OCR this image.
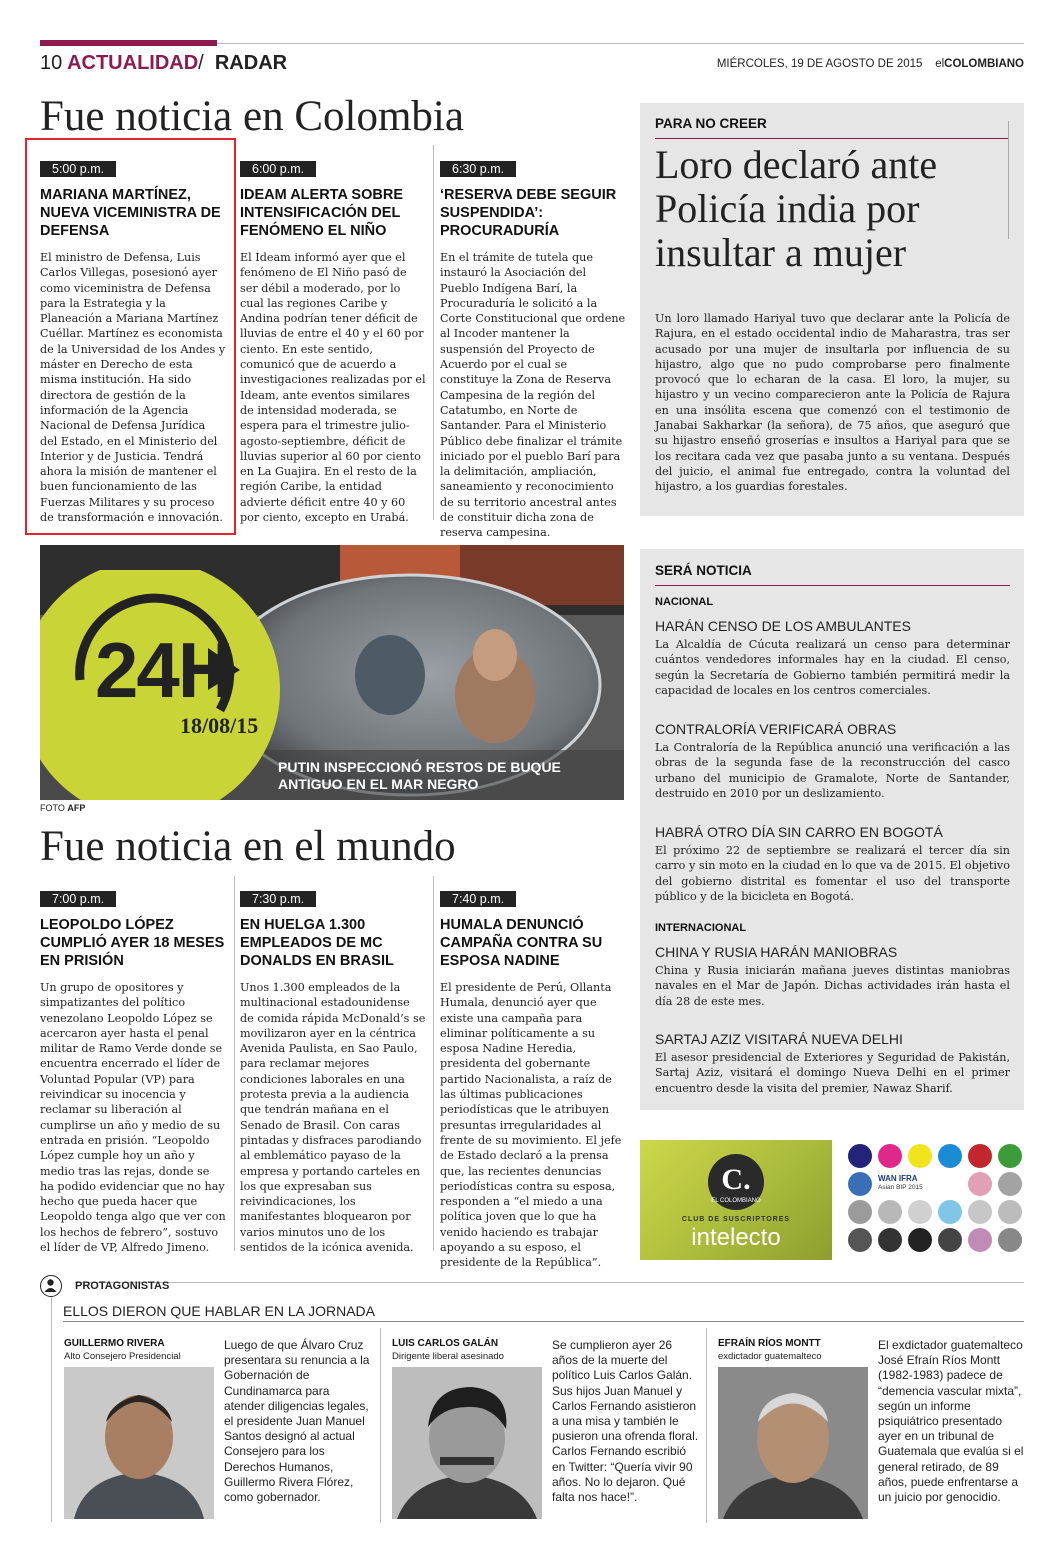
10 ACTUALIDAD/ RADAR	MIÉRCOLES, 19 DE AGOSTO DE 2015 elCOLOMBIANO
Fue noticia en Colombia
5:00 p.m.
MARIANA MARTÍNEZ, NUEVA VICEMINISTRA DE DEFENSA
El ministro de Defensa, Luis Carlos Villegas, posesionó ayer como viceministra de Defensa para la Estrategia y la Planeación a Mariana Martínez Cuéllar. Martínez es economista de la Universidad de los Andes y máster en Derecho de esta misma institución. Ha sido directora de gestión de la información de la Agencia Nacional de Defensa Jurídica del Estado, en el Ministerio del Interior y de Justicia. Tendrá ahora la misión de mantener el buen funcionamiento de las Fuerzas Militares y su proceso de transformación e innovación.
6:00 p.m.
IDEAM ALERTA SOBRE INTENSIFICACIÓN DEL FENÓMENO EL NIÑO
El Ideam informó ayer que el fenómeno de El Niño pasó de ser débil a moderado, por lo cual las regiones Caribe y Andina podrían tener déficit de lluvias de entre el 40 y el 60 por ciento. En este sentido, comunicó que de acuerdo a investigaciones realizadas por el Ideam, ante eventos similares de intensidad moderada, se espera para el trimestre julio-agosto-septiembre, déficit de lluvias superior al 60 por ciento en La Guajira. En el resto de la región Caribe, la entidad advierte déficit entre 40 y 60 por ciento, excepto en Urabá.
6:30 p.m.
‘RESERVA DEBE SEGUIR SUSPENDIDA’: PROCURADURÍA
En el trámite de tutela que instauró la Asociación del Pueblo Indígena Barí, la Procuraduría le solicitó a la Corte Constitucional que ordene al Incoder mantener la suspensión del Proyecto de Acuerdo por el cual se constituye la Zona de Reserva Campesina de la región del Catatumbo, en Norte de Santander. Para el Ministerio Público debe finalizar el trámite iniciado por el pueblo Barí para la delimitación, ampliación, saneamiento y reconocimiento de su territorio ancestral antes de constituir dicha zona de reserva campesina.
PARA NO CREER
Loro declaró ante Policía india por insultar a mujer
Un loro llamado Hariyal tuvo que declarar ante la Policía de Rajura, en el estado occidental indio de Maharastra, tras ser acusado por una mujer de insultarla por influencia de su hijastro, algo que no pudo comprobarse pero finalmente provocó que lo echaran de la casa. El loro, la mujer, su hijastro y un vecino comparecieron ante la Policía de Rajura en una insólita escena que comenzó con el testimonio de Janabai Sakharkar (la señora), de 75 años, que aseguró que su hijastro enseñó groserías e insultos a Hariyal para que se los recitara cada vez que pasaba junto a su ventana. Después del juicio, el animal fue entregado, contra la voluntad del hijastro, a los guardias forestales.
24H
18/08/15
PUTIN INSPECCIONÓ RESTOS DE BUQUE ANTIGUO EN EL MAR NEGRO
FOTO AFP
SERÁ NOTICIA
NACIONAL
HARÁN CENSO DE LOS AMBULANTES
La Alcaldía de Cúcuta realizará un censo para determinar cuántos vendedores informales hay en la ciudad. El censo, según la Secretaría de Gobierno también permitirá medir la capacidad de locales en los centros comerciales.
CONTRALORÍA VERIFICARÁ OBRAS
La Contraloría de la República anunció una verificación a las obras de la segunda fase de la reconstrucción del casco urbano del municipio de Gramalote, Norte de Santander, destruido en 2010 por un deslizamiento.
HABRÁ OTRO DÍA SIN CARRO EN BOGOTÁ
El próximo 22 de septiembre se realizará el tercer día sin carro y sin moto en la ciudad en lo que va de 2015. El objetivo del gobierno distrital es fomentar el uso del transporte público y de la bicicleta en Bogotá.
INTERNACIONAL
CHINA Y RUSIA HARÁN MANIOBRAS
China y Rusia iniciarán mañana jueves distintas maniobras navales en el Mar de Japón. Dichas actividades irán hasta el día 28 de este mes.
SARTAJ AZIZ VISITARÁ NUEVA DELHI
El asesor presidencial de Exteriores y Seguridad de Pakistán, Sartaj Aziz, visitará el domingo Nueva Delhi en el primer encuentro desde la visita del premier, Nawaz Sharif.
C.
EL COLOMBIANO
CLUB DE SUSCRIPTORES
intelecto
WAN IFRA
Asian BIP 2015
Fue noticia en el mundo
7:00 p.m.
LEOPOLDO LÓPEZ CUMPLIÓ AYER 18 MESES EN PRISIÓN
Un grupo de opositores y simpatizantes del político venezolano Leopoldo López se acercaron ayer hasta el penal militar de Ramo Verde donde se encuentra encerrado el líder de Voluntad Popular (VP) para reivindicar su inocencia y reclamar su liberación al cumplirse un año y medio de su entrada en prisión. “Leopoldo López cumple hoy un año y medio tras las rejas, donde se ha podido evidenciar que no hay hecho que pueda hacer que Leopoldo tenga algo que ver con los hechos de febrero”, sostuvo el líder de VP, Alfredo Jimeno.
7:30 p.m.
EN HUELGA 1.300 EMPLEADOS DE MC DONALDS EN BRASIL
Unos 1.300 empleados de la multinacional estadounidense de comida rápida McDonald’s se movilizaron ayer en la céntrica Avenida Paulista, en Sao Paulo, para reclamar mejores condiciones laborales en una protesta previa a la audiencia que tendrán mañana en el Senado de Brasil. Con caras pintadas y disfraces parodiando al emblemático payaso de la empresa y portando carteles en los que expresaban sus reivindicaciones, los manifestantes bloquearon por varios minutos uno de los sentidos de la icónica avenida.
7:40 p.m.
HUMALA DENUNCIÓ CAMPAÑA CONTRA SU ESPOSA NADINE
El presidente de Perú, Ollanta Humala, denunció ayer que existe una campaña para eliminar políticamente a su esposa Nadine Heredia, presidenta del gobernante partido Nacionalista, a raíz de las últimas publicaciones periodísticas que le atribuyen presuntas irregularidades al frente de su movimiento. El jefe de Estado declaró a la prensa que, las recientes denuncias periodísticas contra su esposa, responden a “el miedo a una política joven que lo que ha venido haciendo es trabajar apoyando a su esposo, el presidente de la República”.
PROTAGONISTAS
ELLOS DIERON QUE HABLAR EN LA JORNADA
GUILLERMO RIVERA
Alto Consejero Presidencial
Luego de que Álvaro Cruz presentara su renuncia a la Gobernación de Cundinamarca para atender diligencias legales, el presidente Juan Manuel Santos designó al actual Consejero para los Derechos Humanos, Guillermo Rivera Flórez, como gobernador.
LUIS CARLOS GALÁN
Dirigente liberal asesinado
Se cumplieron ayer 26 años de la muerte del político Luis Carlos Galán. Sus hijos Juan Manuel y Carlos Fernando asistieron a una misa y también le pusieron una ofrenda floral. Carlos Fernando escribió en Twitter: “Quería vivir 90 años. No lo dejaron. Qué falta nos hace!”.
EFRAÍN RÍOS MONTT
exdictador guatemalteco
El exdictador guatemalteco José Efraín Ríos Montt (1982-1983) padece de “demencia vascular mixta”, según un informe psiquiátrico presentado ayer en un tribunal de Guatemala que evalúa si el general retirado, de 89 años, puede enfrentarse a un juicio por genocidio.
